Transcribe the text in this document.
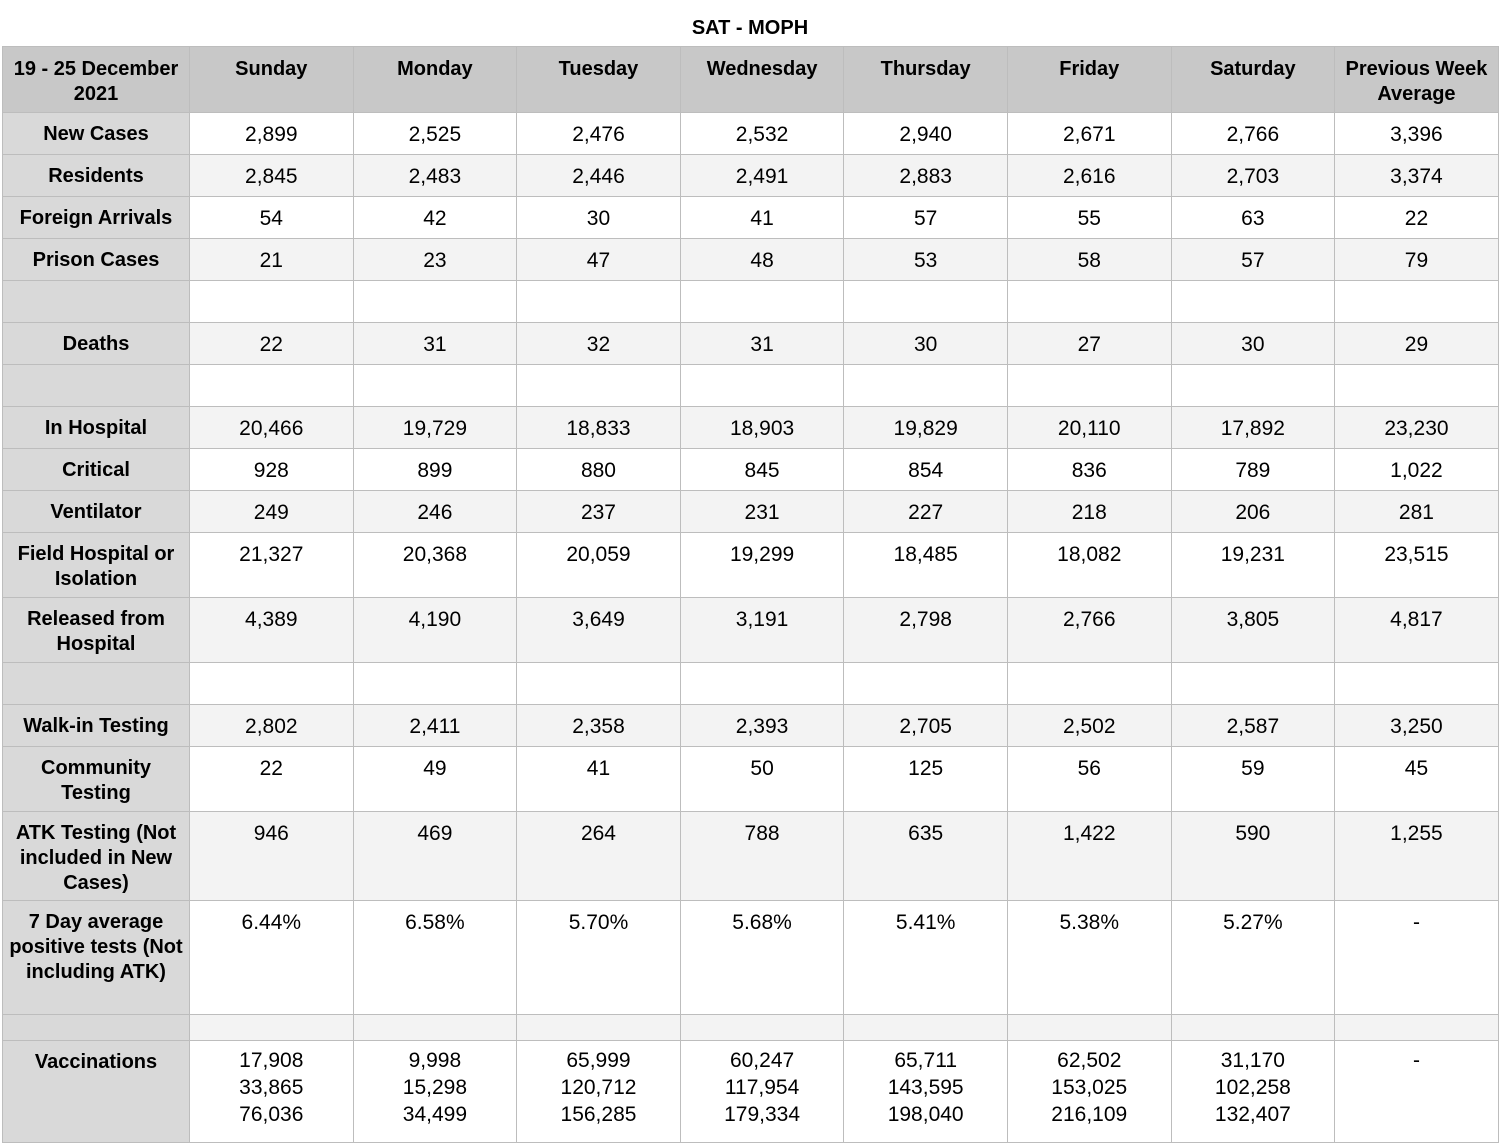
SAT - MOPH
19 - 25 December 2021	Sunday	Monday	Tuesday	Wednesday	Thursday	Friday	Saturday	Previous Week Average
New Cases	2,899	2,525	2,476	2,532	2,940	2,671	2,766	3,396
Residents	2,845	2,483	2,446	2,491	2,883	2,616	2,703	3,374
Foreign Arrivals	54	42	30	41	57	55	63	22
Prison Cases	21	23	47	48	53	58	57	79

Deaths	22	31	32	31	30	27	30	29

In Hospital	20,466	19,729	18,833	18,903	19,829	20,110	17,892	23,230
Critical	928	899	880	845	854	836	789	1,022
Ventilator	249	246	237	231	227	218	206	281
Field Hospital or Isolation	21,327	20,368	20,059	19,299	18,485	18,082	19,231	23,515
Released from Hospital	4,389	4,190	3,649	3,191	2,798	2,766	3,805	4,817

Walk-in Testing	2,802	2,411	2,358	2,393	2,705	2,502	2,587	3,250
Community Testing	22	49	41	50	125	56	59	45
ATK Testing (Not included in New Cases)	946	469	264	788	635	1,422	590	1,255
7 Day average positive tests (Not including ATK)	6.44%	6.58%	5.70%	5.68%	5.41%	5.38%	5.27%	-

Vaccinations	17,908
33,865
76,036	9,998
15,298
34,499	65,999
120,712
156,285	60,247
117,954
179,334	65,711
143,595
198,040	62,502
153,025
216,109	31,170
102,258
132,407	-
